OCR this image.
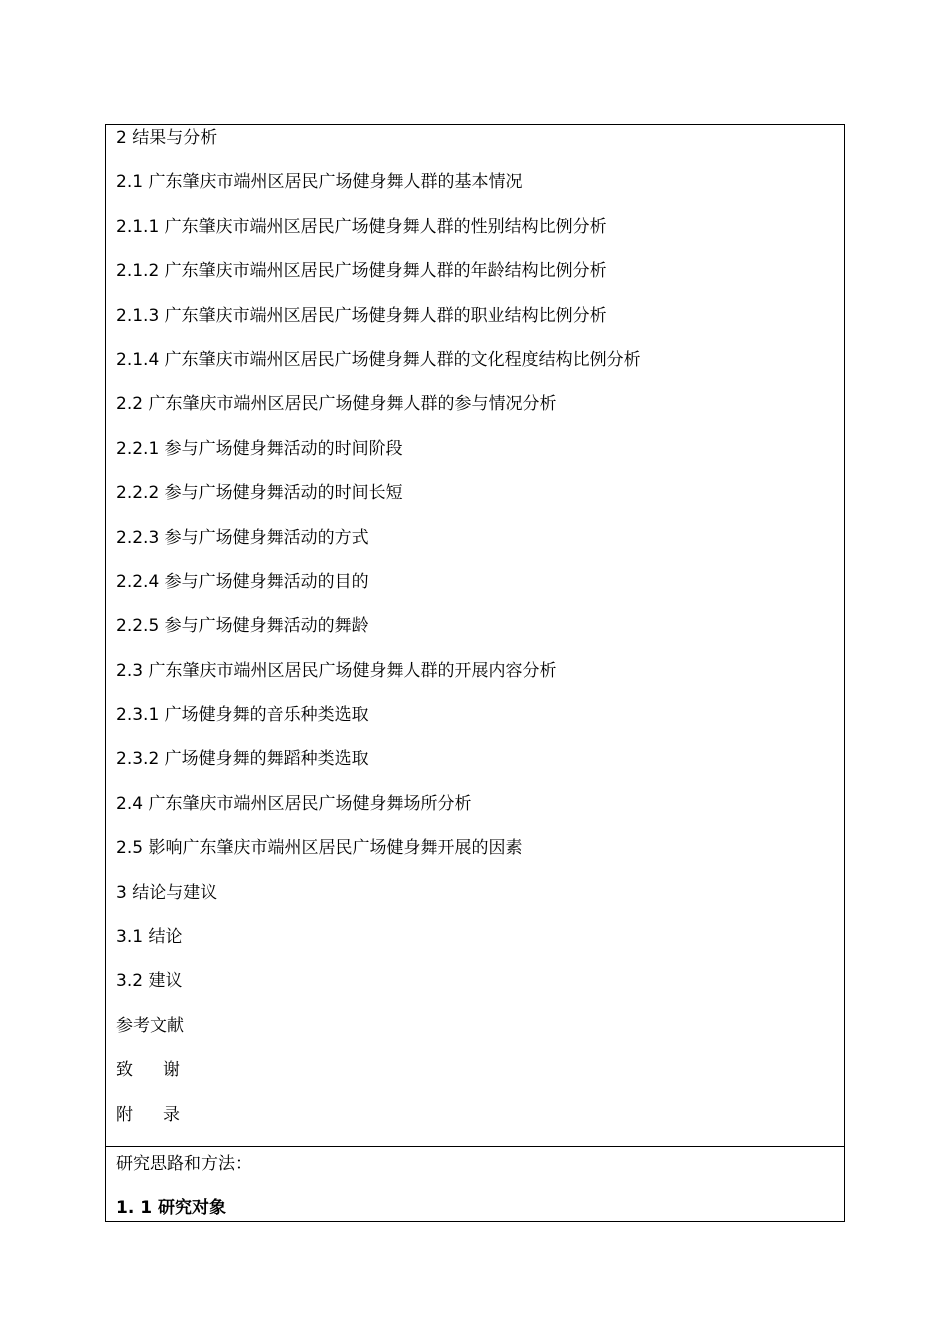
2 结果与分析
2.1 广东肇庆市端州区居民广场健身舞人群的基本情况
2.1.1 广东肇庆市端州区居民广场健身舞人群的性别结构比例分析
2.1.2 广东肇庆市端州区居民广场健身舞人群的年龄结构比例分析
2.1.3 广东肇庆市端州区居民广场健身舞人群的职业结构比例分析
2.1.4 广东肇庆市端州区居民广场健身舞人群的文化程度结构比例分析
2.2 广东肇庆市端州区居民广场健身舞人群的参与情况分析
2.2.1 参与广场健身舞活动的时间阶段
2.2.2 参与广场健身舞活动的时间长短
2.2.3 参与广场健身舞活动的方式
2.2.4 参与广场健身舞活动的目的
2.2.5 参与广场健身舞活动的舞龄
2.3 广东肇庆市端州区居民广场健身舞人群的开展内容分析
2.3.1 广场健身舞的音乐种类选取
2.3.2 广场健身舞的舞蹈种类选取
2.4 广东肇庆市端州区居民广场健身舞场所分析
2.5 影响广东肇庆市端州区居民广场健身舞开展的因素
3 结论与建议
3.1 结论
3.2 建议
参考文献
致 谢
附 录
研究思路和方法：
1. 1 研究对象
